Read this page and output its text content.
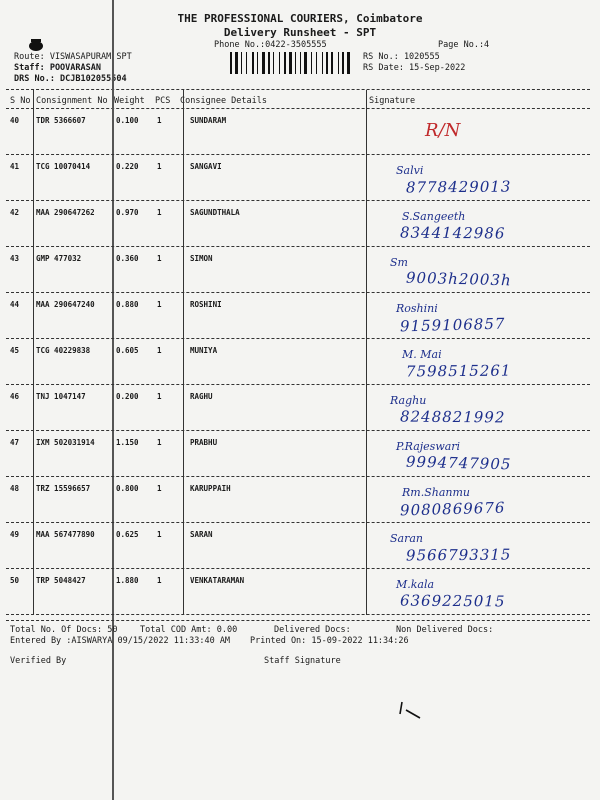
THE PROFESSIONAL COURIERS, Coimbatore
Delivery Runsheet - SPT
Phone No.:0422-3505555	Page No.:4
Route: VISWASAPURAM SPT
Staff: POOVARASAN
DRS No.: DCJB102055504
RS No.: 1020555
RS Date: 15-Sep-2022
S No Consignment No Weight PCS Consignee Details	Signature
40 TDR 5366607	0.100 1	SUNDARAM	R/N
41 TCG 10070414	0.220 1	SANGAVI	Salvi
8778429013
42 MAA 290647262	0.970 1	SAGUNDTHALA	S.Sangeeth
8344142986
43 GMP 477032	0.360 1	SIMON	Sm
9003h2003h
44 MAA 290647240	0.880 1	ROSHINI	Roshini
9159106857
45 TCG 40229838	0.605 1	MUNIYA	M. Mai
7598515261
46 TNJ 1047147	0.200 1	RAGHU	Raghu
8248821992
47 IXM 502031914	1.150 1	PRABHU	P.Rajeswari
9994747905
48 TRZ 15596657	0.800 1	KARUPPAIH	Rm.Shanmu
9080869676
49 MAA 567477890	0.625 1	SARAN	Saran
9566793315
50 TRP 5048427	1.880 1	VENKATARAMAN	M.kala
6369225015
Total No. Of Docs: 50	Total COD Amt: 0.00	Delivered Docs:	Non Delivered Docs:
Entered By :AISWARYA 09/15/2022 11:33:40 AM Printed On: 15-09-2022 11:34:26
Verified By	Staff Signature
